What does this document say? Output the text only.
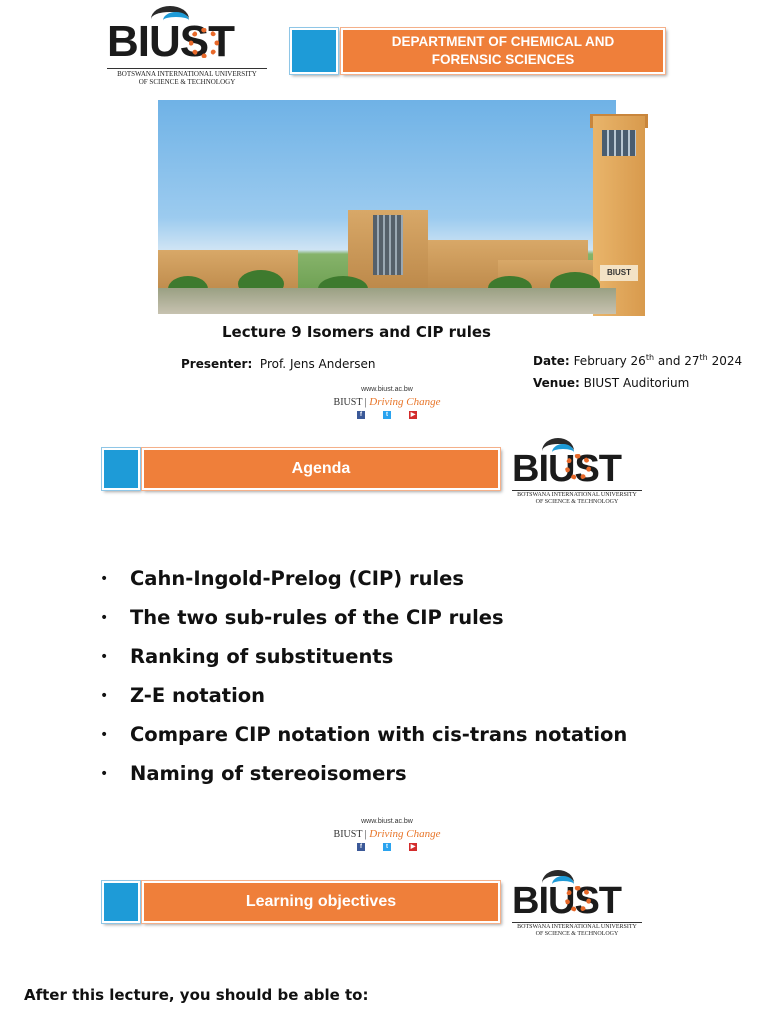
BIUST
BOTSWANA INTERNATIONAL UNIVERSITY
OF SCIENCE & TECHNOLOGY
DEPARTMENT OF CHEMICAL AND
FORENSIC SCIENCES
BIUST
Lecture 9 Isomers and CIP rules
Presenter: Prof. Jens Andersen	Date: February 26th and 27th 2024
Venue: BIUST Auditorium
www.biust.ac.bw
BIUST | Driving Change
f	t	▶
Agenda	BIUST
BOTSWANA INTERNATIONAL UNIVERSITY
OF SCIENCE & TECHNOLOGY
• Cahn-Ingold-Prelog (CIP) rules
• The two sub-rules of the CIP rules
• Ranking of substituents
• Z-E notation
• Compare CIP notation with cis-trans notation
• Naming of stereoisomers
www.biust.ac.bw
BIUST | Driving Change
f	t	▶
Learning objectives	BIUST
BOTSWANA INTERNATIONAL UNIVERSITY
OF SCIENCE & TECHNOLOGY
After this lecture, you should be able to:
